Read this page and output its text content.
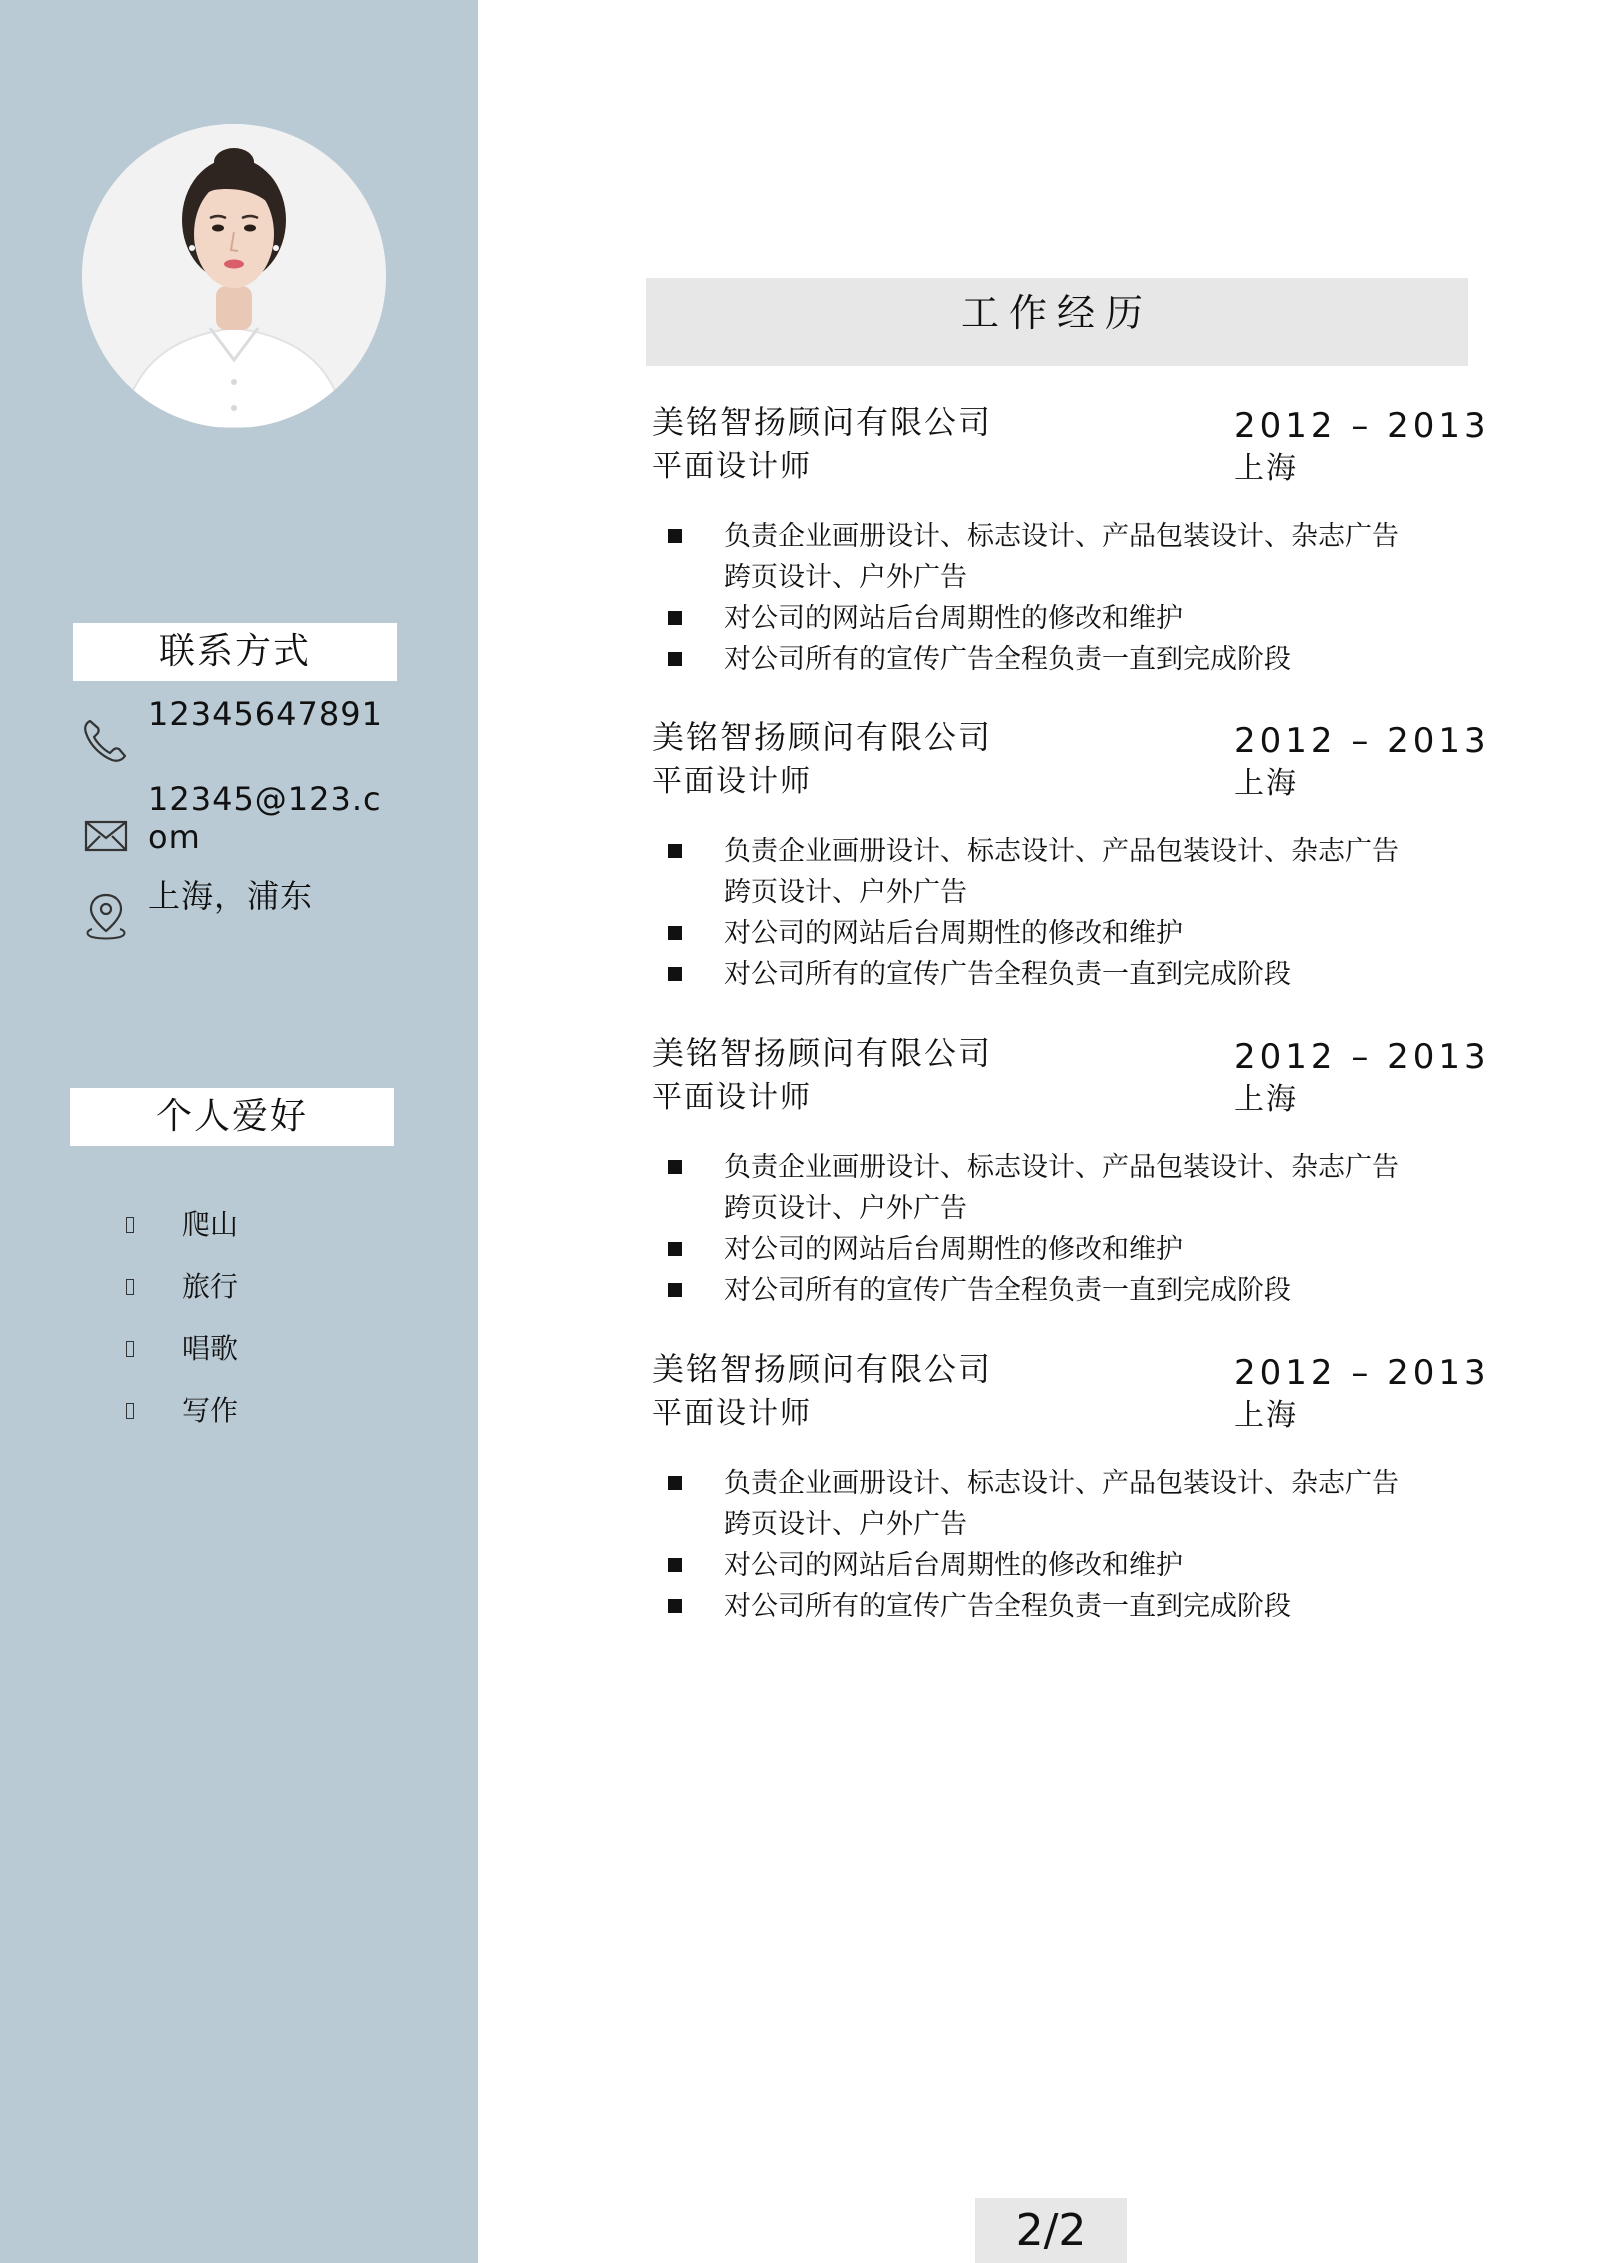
联系方式
12345647891
12345@123.com
上海，浦东
个人爱好
爬山
旅行
唱歌
写作
工作经历
美铭智扬顾问有限公司
平面设计师
2012 – 2013
上海
负责企业画册设计、标志设计、产品包装设计、杂志广告跨页设计、户外广告
对公司的网站后台周期性的修改和维护
对公司所有的宣传广告全程负责一直到完成阶段
美铭智扬顾问有限公司
平面设计师
2012 – 2013
上海
负责企业画册设计、标志设计、产品包装设计、杂志广告跨页设计、户外广告
对公司的网站后台周期性的修改和维护
对公司所有的宣传广告全程负责一直到完成阶段
美铭智扬顾问有限公司
平面设计师
2012 – 2013
上海
负责企业画册设计、标志设计、产品包装设计、杂志广告跨页设计、户外广告
对公司的网站后台周期性的修改和维护
对公司所有的宣传广告全程负责一直到完成阶段
美铭智扬顾问有限公司
平面设计师
2012 – 2013
上海
负责企业画册设计、标志设计、产品包装设计、杂志广告跨页设计、户外广告
对公司的网站后台周期性的修改和维护
对公司所有的宣传广告全程负责一直到完成阶段
2/2
